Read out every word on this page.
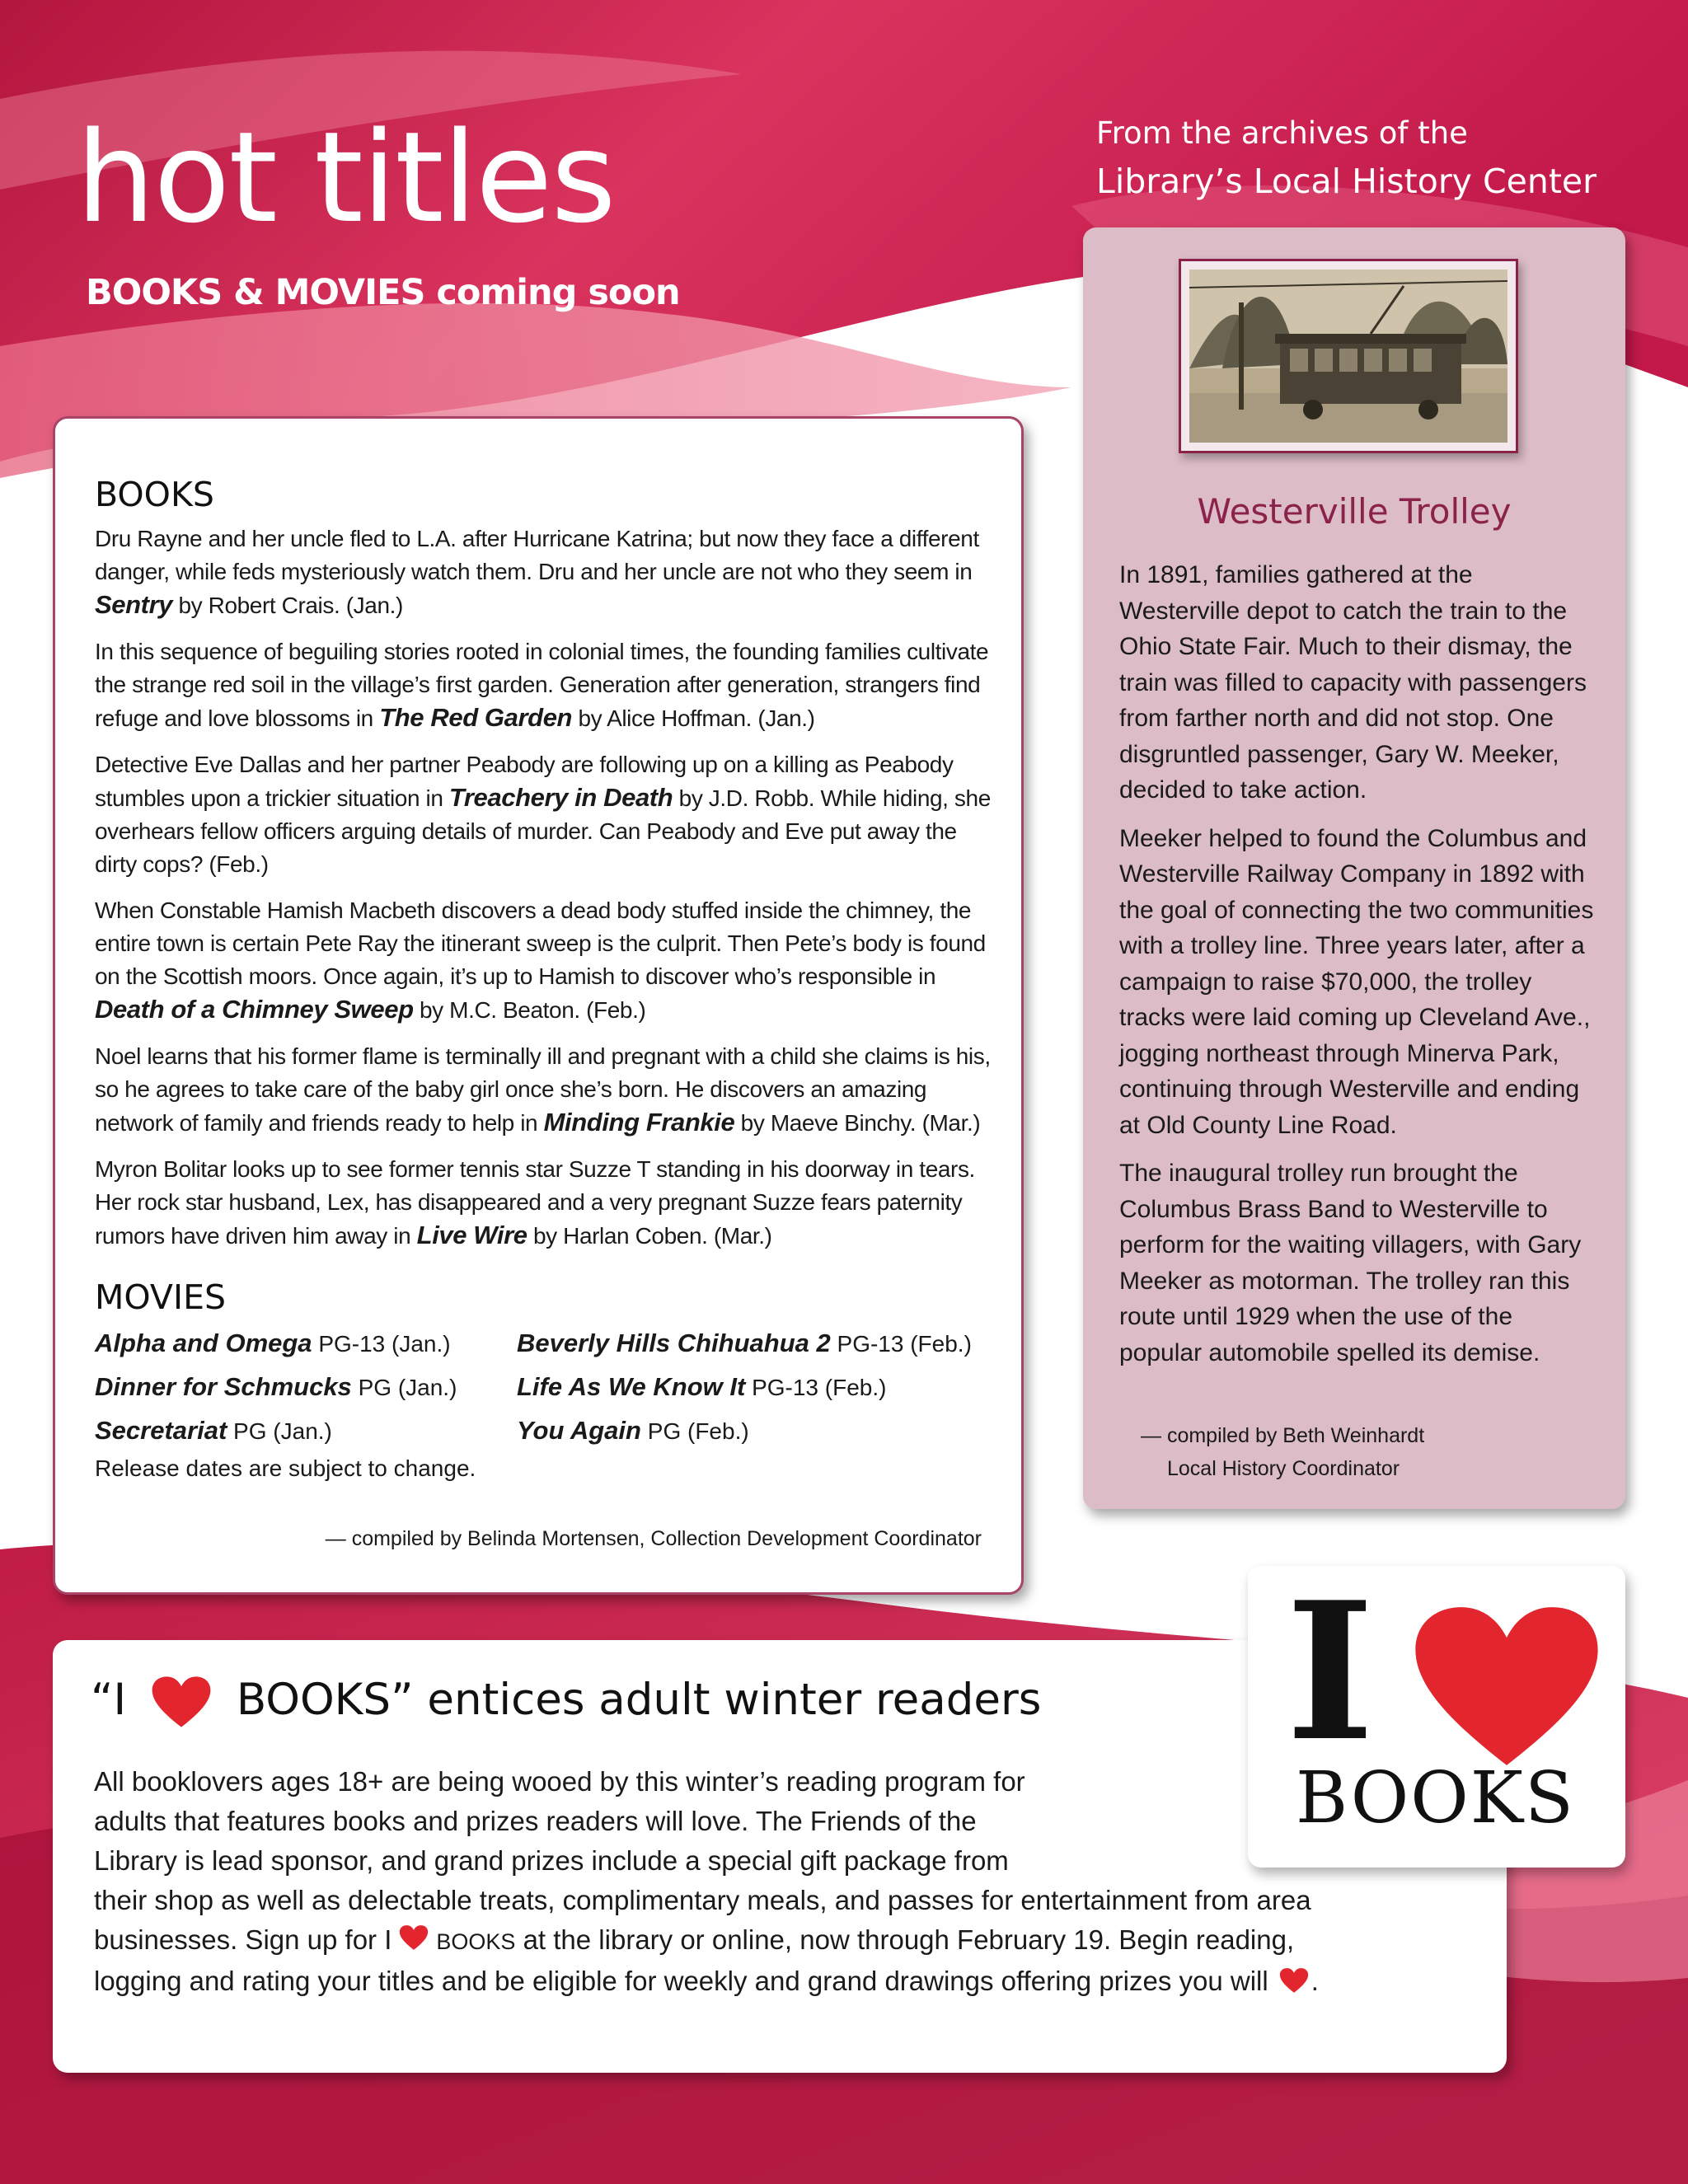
hot titles
BOOKS & MOVIES coming soon
From the archives of the
Library’s Local History Center
BOOKS

Dru Rayne and her uncle fled to L.A. after Hurricane Katrina; but now they face a different danger, while feds mysteriously watch them. Dru and her uncle are not who they seem in Sentry by Robert Crais. (Jan.)

In this sequence of beguiling stories rooted in colonial times, the founding families cultivate the strange red soil in the village’s first garden. Generation after generation, strangers find refuge and love blossoms in The Red Garden by Alice Hoffman. (Jan.)

Detective Eve Dallas and her partner Peabody are following up on a killing as Peabody stumbles upon a trickier situation in Treachery in Death by J.D. Robb. While hiding, she overhears fellow officers arguing details of murder. Can Peabody and Eve put away the dirty cops? (Feb.)

When Constable Hamish Macbeth discovers a dead body stuffed inside the chimney, the entire town is certain Pete Ray the itinerant sweep is the culprit. Then Pete’s body is found on the Scottish moors. Once again, it’s up to Hamish to discover who’s responsible in Death of a Chimney Sweep by M.C. Beaton. (Feb.)

Noel learns that his former flame is terminally ill and pregnant with a child she claims is his, so he agrees to take care of the baby girl once she’s born. He discovers an amazing network of family and friends ready to help in Minding Frankie by Maeve Binchy. (Mar.)

Myron Bolitar looks up to see former tennis star Suzze T standing in his doorway in tears. Her rock star husband, Lex, has disappeared and a very pregnant Suzze fears paternity rumors have driven him away in Live Wire by Harlan Coben. (Mar.)

MOVIES
Alpha and Omega PG-13 (Jan.)	Beverly Hills Chihuahua 2 PG-13 (Feb.)
Dinner for Schmucks PG (Jan.)	Life As We Know It PG-13 (Feb.)
Secretariat PG (Jan.)	You Again PG (Feb.)
Release dates are subject to change.
— compiled by Belinda Mortensen, Collection Development Coordinator
Westerville Trolley

In 1891, families gathered at the Westerville depot to catch the train to the Ohio State Fair. Much to their dismay, the train was filled to capacity with passengers from farther north and did not stop. One disgruntled passenger, Gary W. Meeker, decided to take action.

Meeker helped to found the Columbus and Westerville Railway Company in 1892 with the goal of connecting the two communities with a trolley line. Three years later, after a campaign to raise $70,000, the trolley tracks were laid coming up Cleveland Ave., jogging northeast through Minerva Park, continuing through Westerville and ending at Old County Line Road.

The inaugural trolley run brought the Columbus Brass Band to Westerville to perform for the waiting villagers, with Gary Meeker as motorman. The trolley ran this route until 1929 when the use of the popular automobile spelled its demise.

— compiled by Beth Weinhardt
Local History Coordinator
“I	BOOKS” entices adult winter readers
All booklovers ages 18+ are being wooed by this winter’s reading program for
adults that features books and prizes readers will love. The Friends of the
Library is lead sponsor, and grand prizes include a special gift package from
their shop as well as delectable treats, complimentary meals, and passes for entertainment from area
businesses. Sign up for I BOOKS at the library or online, now through February 19. Begin reading,
logging and rating your titles and be eligible for weekly and grand drawings offering prizes you will .
I
BOOKS
